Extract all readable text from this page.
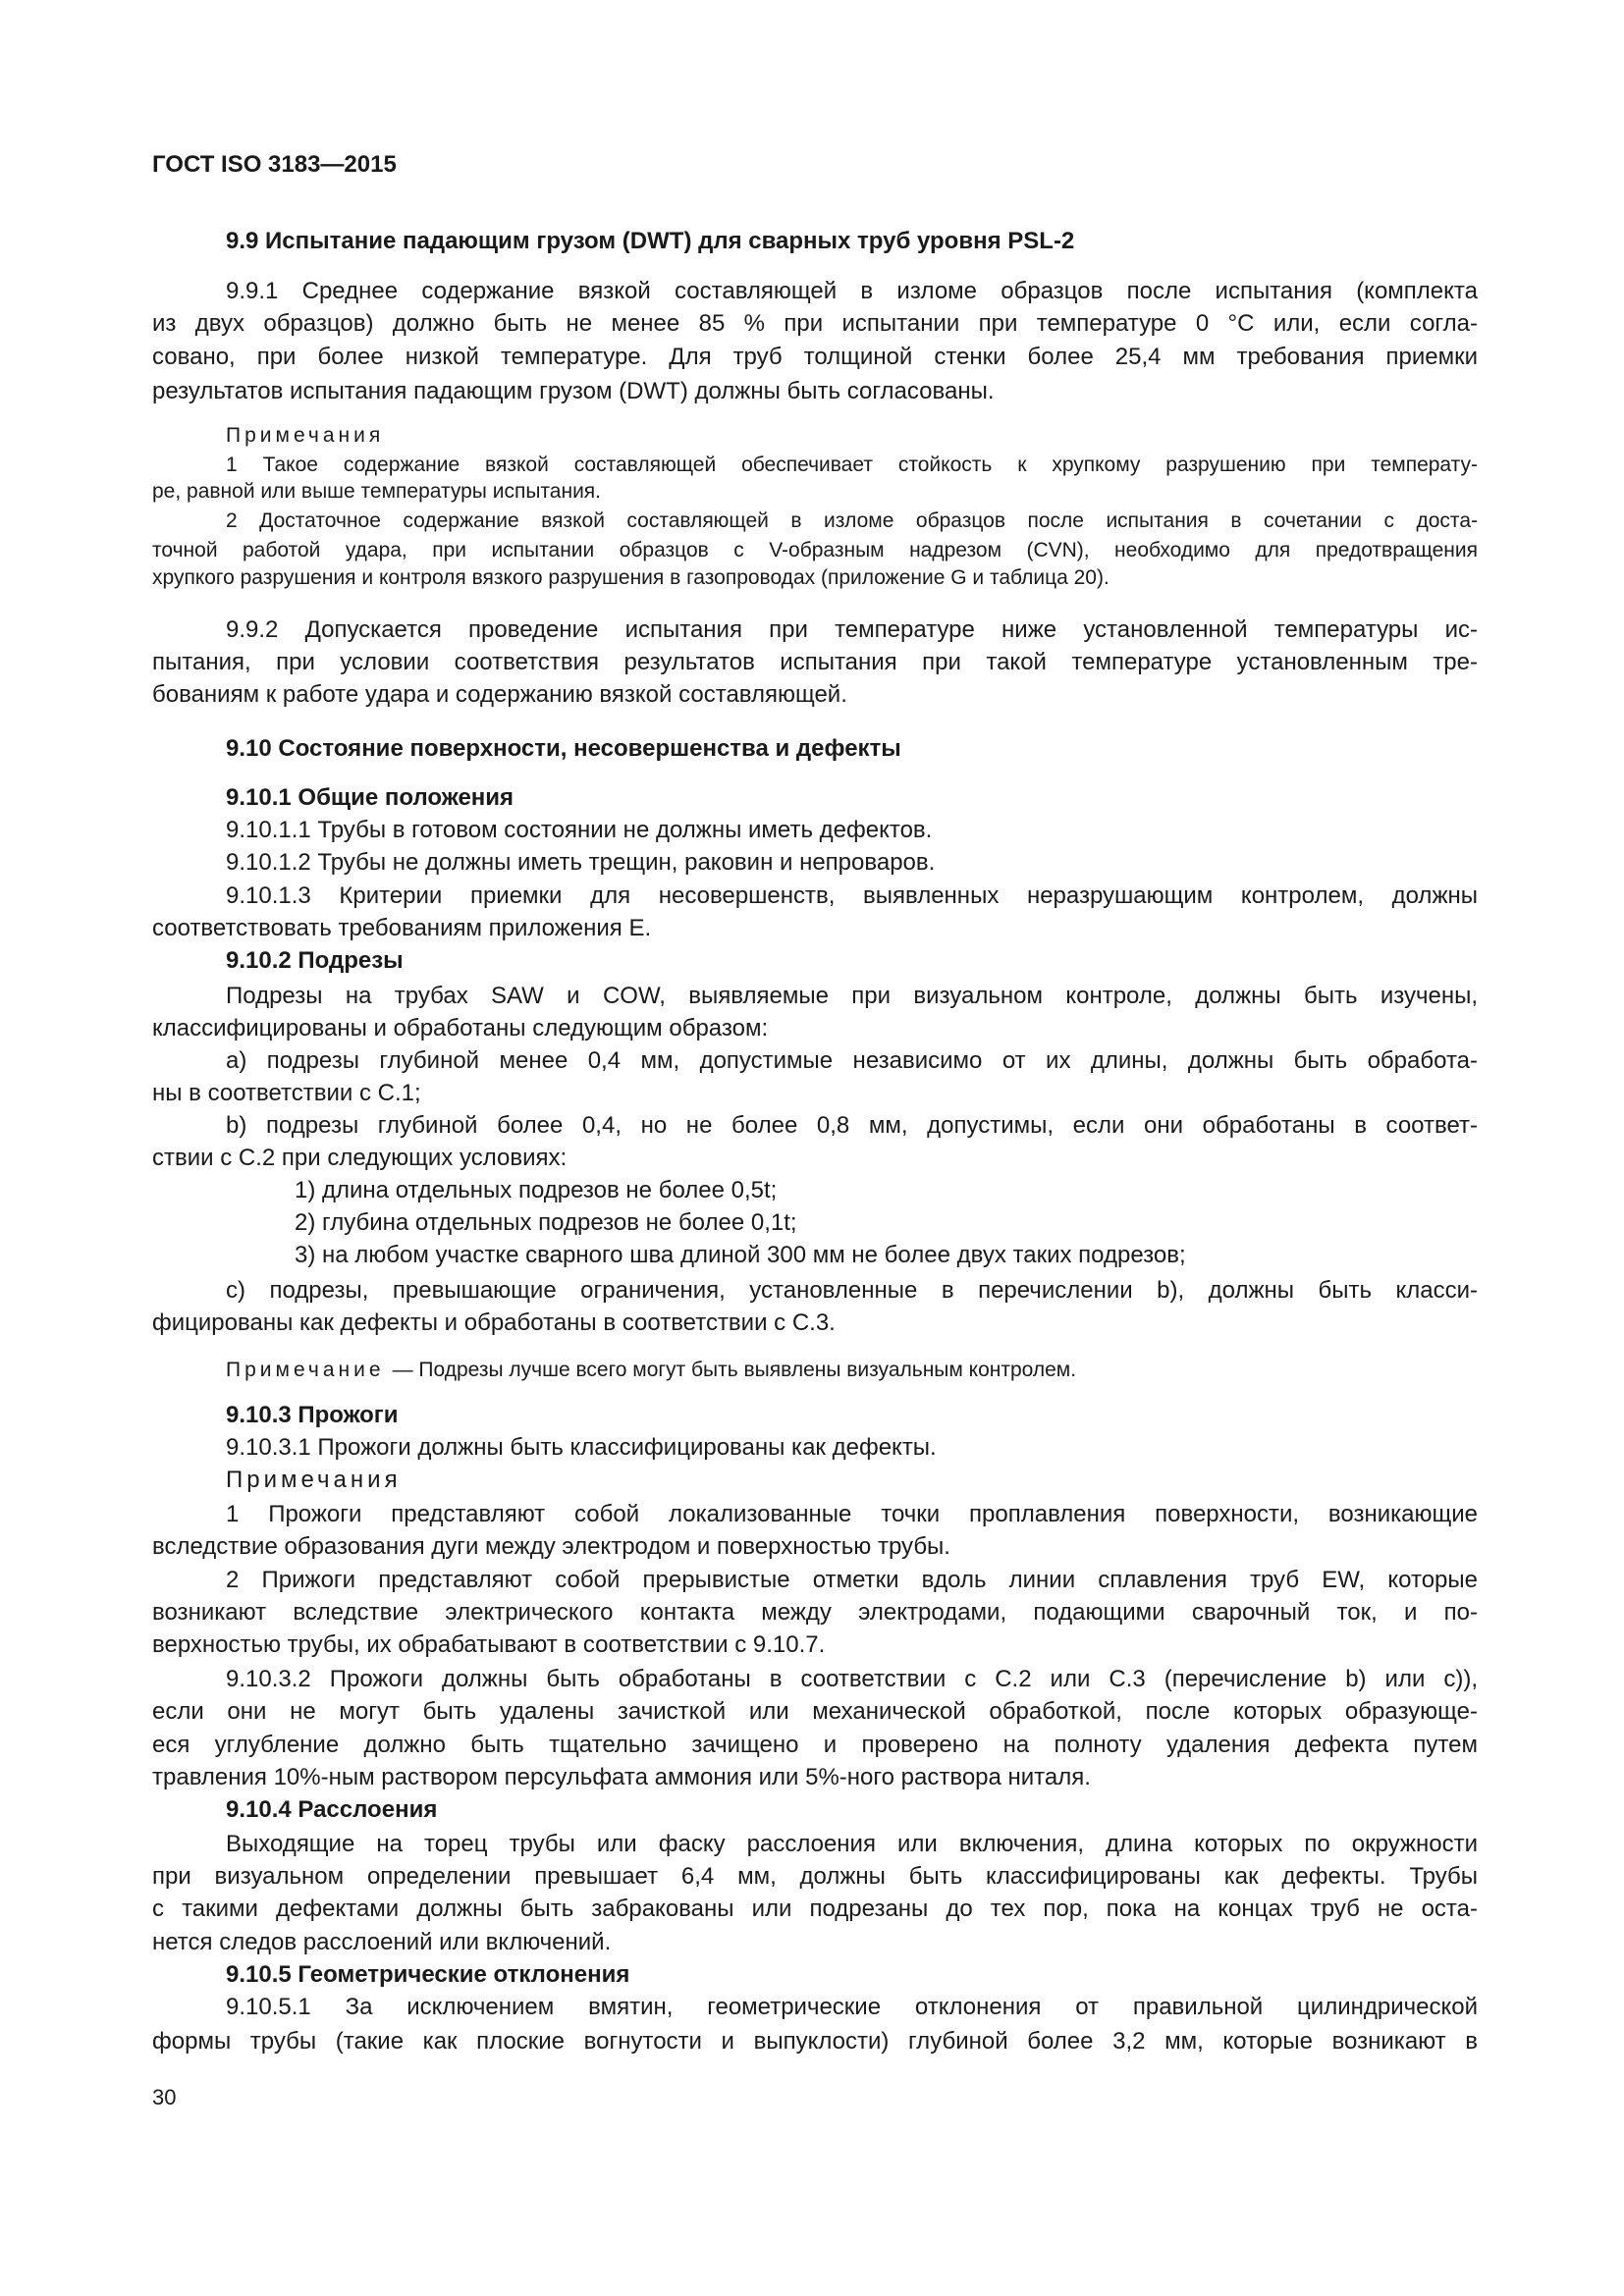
ГОСТ ISO 3183—2015
9.9 Испытание падающим грузом (DWT) для сварных труб уровня PSL-2
9.9.1 Среднее содержание вязкой составляющей в изломе образцов после испытания (комплекта
из двух образцов) должно быть не менее 85 % при испытании при температуре 0 °С или, если согла-
совано, при более низкой температуре. Для труб толщиной стенки более 25,4 мм требования приемки
результатов испытания падающим грузом (DWT) должны быть согласованы.
Примечания
1 Такое содержание вязкой составляющей обеспечивает стойкость к хрупкому разрушению при температу-
ре, равной или выше температуры испытания.
2 Достаточное содержание вязкой составляющей в изломе образцов после испытания в сочетании с доста-
точной работой удара, при испытании образцов с V-образным надрезом (CVN), необходимо для предотвращения
хрупкого разрушения и контроля вязкого разрушения в газопроводах (приложение G и таблица 20).
9.9.2 Допускается проведение испытания при температуре ниже установленной температуры ис-
пытания, при условии соответствия результатов испытания при такой температуре установленным тре-
бованиям к работе удара и содержанию вязкой составляющей.
9.10 Состояние поверхности, несовершенства и дефекты
9.10.1 Общие положения
9.10.1.1 Трубы в готовом состоянии не должны иметь дефектов.
9.10.1.2 Трубы не должны иметь трещин, раковин и непроваров.
9.10.1.3 Критерии приемки для несовершенств, выявленных неразрушающим контролем, должны
соответствовать требованиям приложения Е.
9.10.2 Подрезы
Подрезы на трубах SAW и COW, выявляемые при визуальном контроле, должны быть изучены,
классифицированы и обработаны следующим образом:
a) подрезы глубиной менее 0,4 мм, допустимые независимо от их длины, должны быть обработа-
ны в соответствии с С.1;
b) подрезы глубиной более 0,4, но не более 0,8 мм, допустимы, если они обработаны в соответ-
ствии с С.2 при следующих условиях:
1) длина отдельных подрезов не более 0,5t;
2) глубина отдельных подрезов не более 0,1t;
3) на любом участке сварного шва длиной 300 мм не более двух таких подрезов;
c) подрезы, превышающие ограничения, установленные в перечислении b), должны быть класси-
фицированы как дефекты и обработаны в соответствии с С.3.
Примечание — Подрезы лучше всего могут быть выявлены визуальным контролем.
9.10.3 Прожоги
9.10.3.1 Прожоги должны быть классифицированы как дефекты.
Примечания
1 Прожоги представляют собой локализованные точки проплавления поверхности, возникающие
вследствие образования дуги между электродом и поверхностью трубы.
2 Прижоги представляют собой прерывистые отметки вдоль линии сплавления труб EW, которые
возникают вследствие электрического контакта между электродами, подающими сварочный ток, и по-
верхностью трубы, их обрабатывают в соответствии с 9.10.7.
9.10.3.2 Прожоги должны быть обработаны в соответствии с С.2 или С.3 (перечисление b) или с)),
если они не могут быть удалены зачисткой или механической обработкой, после которых образующе-
еся углубление должно быть тщательно зачищено и проверено на полноту удаления дефекта путем
травления 10%-ным раствором персульфата аммония или 5%-ного раствора ниталя.
9.10.4 Расслоения
Выходящие на торец трубы или фаску расслоения или включения, длина которых по окружности
при визуальном определении превышает 6,4 мм, должны быть классифицированы как дефекты. Трубы
с такими дефектами должны быть забракованы или подрезаны до тех пор, пока на концах труб не оста-
нется следов расслоений или включений.
9.10.5 Геометрические отклонения
9.10.5.1 За исключением вмятин, геометрические отклонения от правильной цилиндрической
формы трубы (такие как плоские вогнутости и выпуклости) глубиной более 3,2 мм, которые возникают в
30
